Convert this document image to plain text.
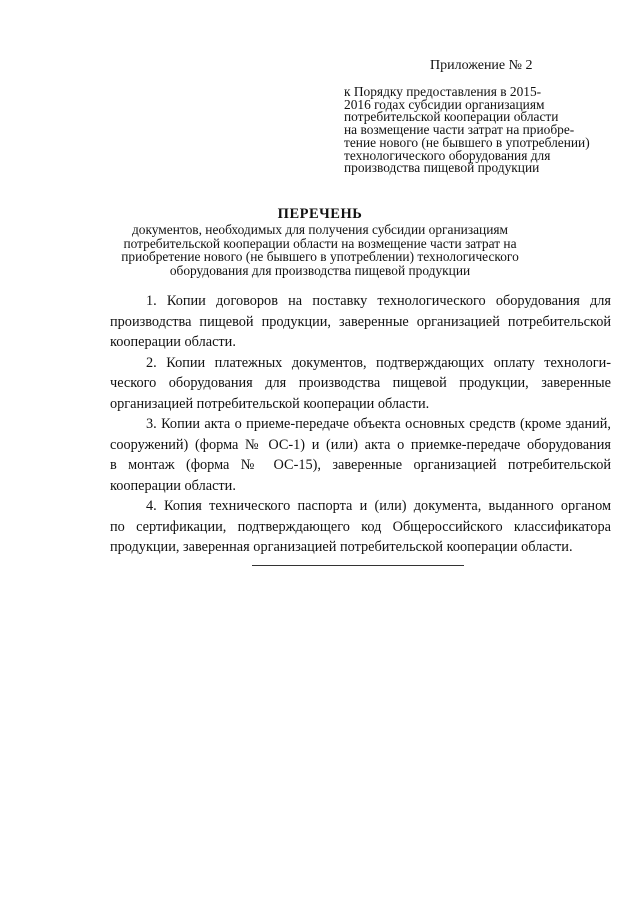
Приложение № 2

к Порядку предоставления в 2015-
2016 годах субсидии организациям
потребительской кооперации области
на возмещение части затрат на приобре-
тение нового (не бывшего в употреблении)
технологического оборудования для
производства пищевой продукции

ПЕРЕЧЕНЬ
документов, необходимых для получения субсидии организациям
потребительской кооперации области на возмещение части затрат на
приобретение нового (не бывшего в употреблении) технологического
оборудования для производства пищевой продукции
1. Копии договоров на поставку технологического оборудования для
производства пищевой продукции, заверенные организацией потребительской
кооперации области.
2. Копии платежных документов, подтверждающих оплату технологи-
ческого оборудования для производства пищевой продукции, заверенные
организацией потребительской кооперации области.
3. Копии акта о приеме-передаче объекта основных средств (кроме зданий,
сооружений) (форма № ОС-1) и (или) акта о приемке-передаче оборудования
в монтаж (форма № ОС-15), заверенные организацией потребительской
кооперации области.
4. Копия технического паспорта и (или) документа, выданного органом
по сертификации, подтверждающего код Общероссийского классификатора
продукции, заверенная организацией потребительской кооперации области.
